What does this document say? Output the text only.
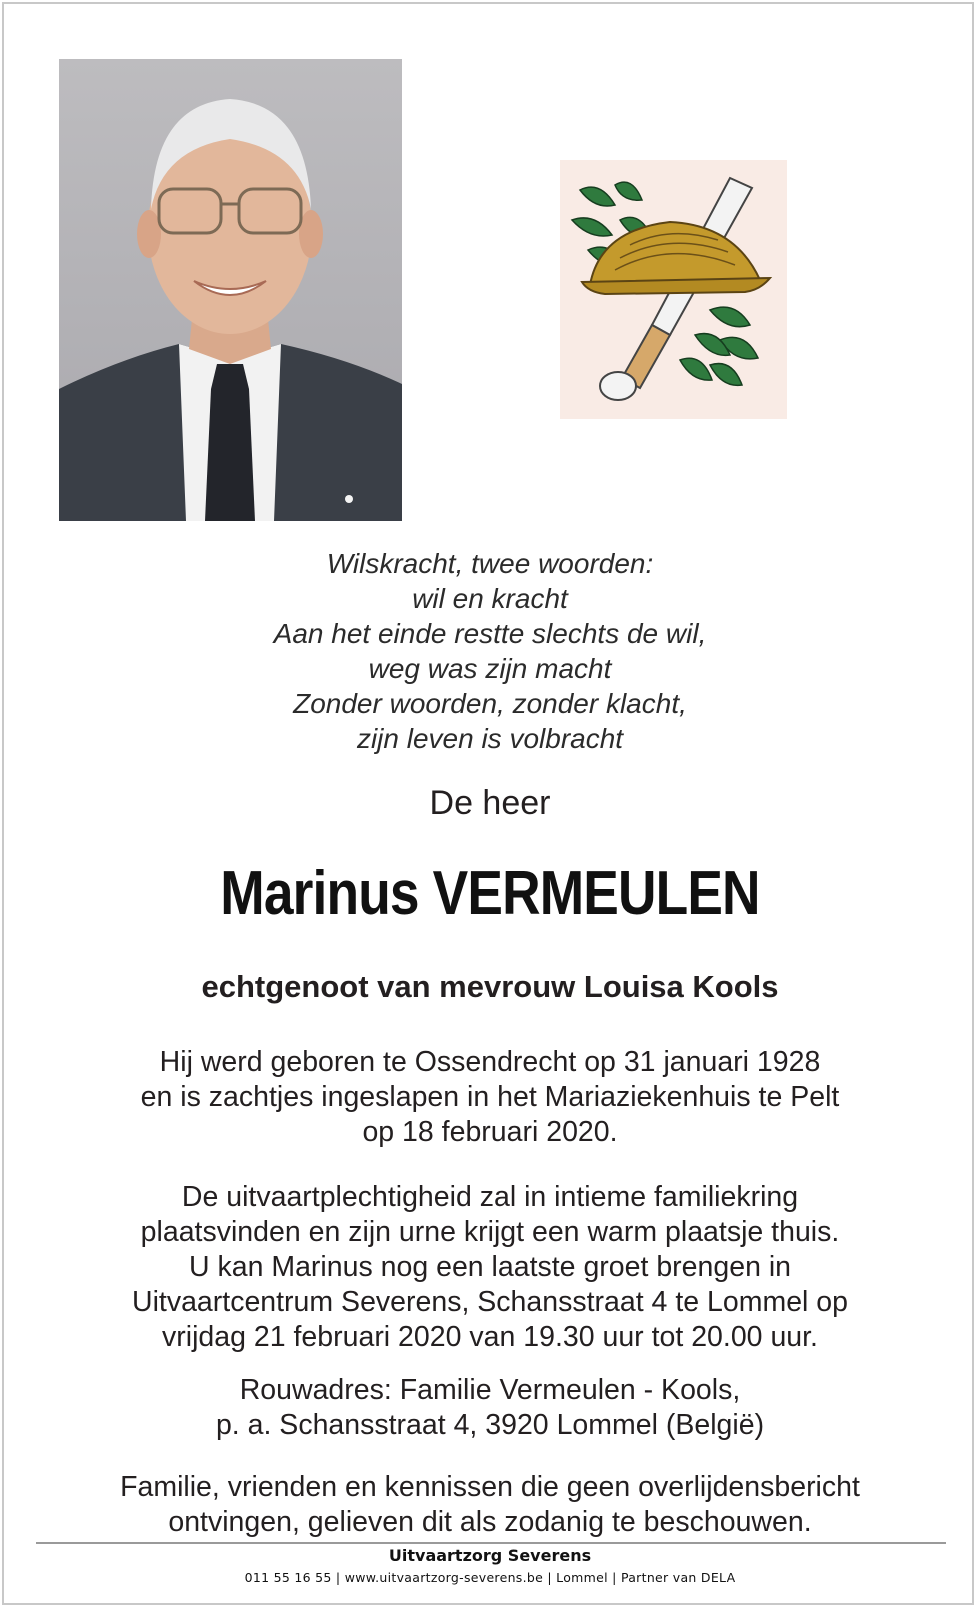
Wilskracht, twee woorden:
wil en kracht
Aan het einde restte slechts de wil,
weg was zijn macht
Zonder woorden, zonder klacht,
zijn leven is volbracht
De heer
Marinus VERMEULEN
echtgenoot van mevrouw Louisa Kools
Hij werd geboren te Ossendrecht op 31 januari 1928
en is zachtjes ingeslapen in het Mariaziekenhuis te Pelt
op 18 februari 2020.
De uitvaartplechtigheid zal in intieme familiekring
plaatsvinden en zijn urne krijgt een warm plaatsje thuis.
U kan Marinus nog een laatste groet brengen in
Uitvaartcentrum Severens, Schansstraat 4 te Lommel op
vrijdag 21 februari 2020 van 19.30 uur tot 20.00 uur.
Rouwadres: Familie Vermeulen - Kools,
p. a. Schansstraat 4, 3920 Lommel (België)
Familie, vrienden en kennissen die geen overlijdensbericht
ontvingen, gelieven dit als zodanig te beschouwen.
Uitvaartzorg Severens
011 55 16 55 | www.uitvaartzorg-severens.be | Lommel | Partner van DELA
